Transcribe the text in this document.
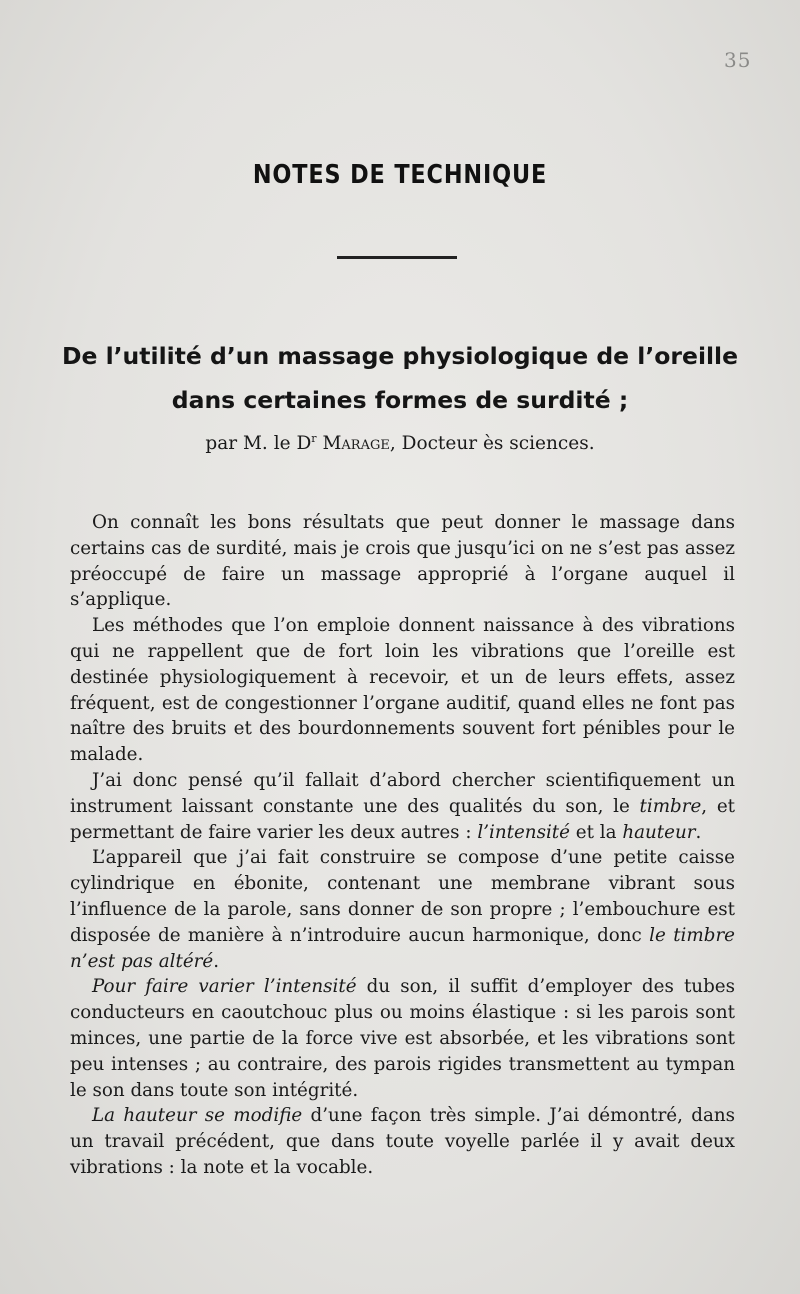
35
NOTES DE TECHNIQUE
De l’utilité d’un massage physiologique de l’oreille
dans certaines formes de surdité ;
par M. le $D^r$ Marage, Docteur ès sciences.

On connaît les bons résultats que peut donner le massage dans certains cas de surdité, mais je crois que jusqu’ici on ne s’est pas assez préoccupé de faire un massage approprié à l’organe auquel il s’applique.

Les méthodes que l’on emploie donnent naissance à des vibrations qui ne rappellent que de fort loin les vibrations que l’oreille est destinée physiologiquement à recevoir, et un de leurs effets, assez fréquent, est de congestionner l’organe auditif, quand elles ne font pas naître des bruits et des bourdonnements souvent fort pénibles pour le malade.

J’ai donc pensé qu’il fallait d’abord chercher scientifiquement un instrument laissant constante une des qualités du son, le timbre, et permettant de faire varier les deux autres : l’intensité et la hauteur.

L’appareil que j’ai fait construire se compose d’une petite caisse cylindrique en ébonite, contenant une membrane vibrant sous l’influence de la parole, sans donner de son propre ; l’embouchure est disposée de manière à n’introduire aucun harmonique, donc le timbre n’est pas altéré.

Pour faire varier l’intensité du son, il suffit d’employer des tubes conducteurs en caoutchouc plus ou moins élastique : si les parois sont minces, une partie de la force vive est absorbée, et les vibrations sont peu intenses ; au contraire, des parois rigides transmettent au tympan le son dans toute son intégrité.

La hauteur se modifie d’une façon très simple. J’ai démontré, dans un travail précédent, que dans toute voyelle parlée il y avait deux vibrations : la note et la vocable.
